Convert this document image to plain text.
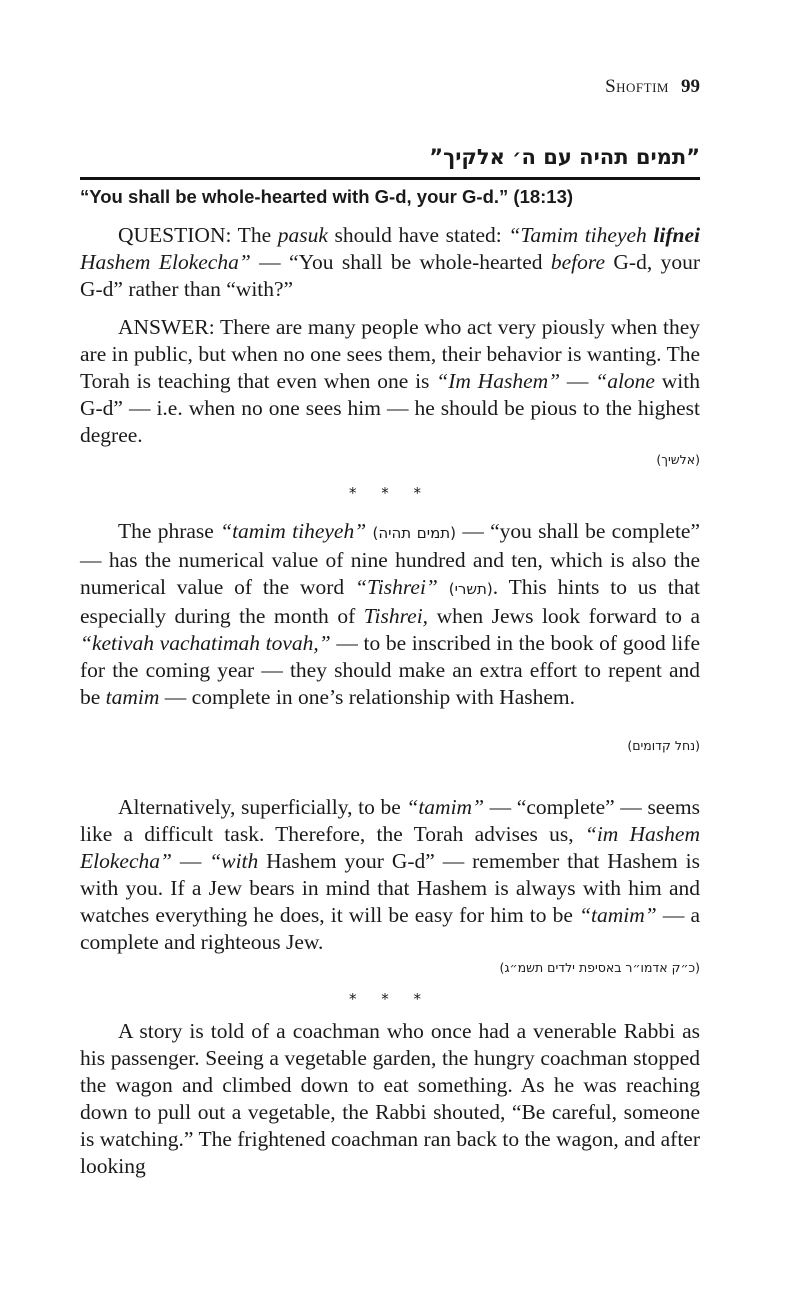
Shoftim 99
”תמים תהיה עם ה׳ אלקיך”
“You shall be whole-hearted with G-d, your G-d.” (18:13)

QUESTION: The pasuk should have stated: “Tamim tiheyeh lifnei Hashem Elokecha” — “You shall be whole-hearted before G-d, your G-d” rather than “with?”

ANSWER: There are many people who act very piously when they are in public, but when no one sees them, their behavior is wanting. The Torah is teaching that even when one is “Im Hashem” — “alone with G-d” — i.e. when no one sees him — he should be pious to the highest degree.

(אלשיך)
* * *

The phrase “tamim tiheyeh” (תמים תהיה) — “you shall be complete” — has the numerical value of nine hundred and ten, which is also the numerical value of the word “Tishrei” (תשרי). This hints to us that especially during the month of Tishrei, when Jews look forward to a “ketivah vachatimah tovah,” — to be inscribed in the book of good life for the coming year — they should make an extra effort to repent and be tamim — complete in one’s relationship with Hashem.

(נחל קדומים)

Alternatively, superficially, to be “tamim” — “complete” — seems like a difficult task. Therefore, the Torah advises us, “im Hashem Elokecha” — “with Hashem your G-d” — remember that Hashem is with you. If a Jew bears in mind that Hashem is always with him and watches everything he does, it will be easy for him to be “tamim” — a complete and righteous Jew.

(כ״ק אדמו״ר באסיפת ילדים תשמ״ג)
* * *

A story is told of a coachman who once had a venerable Rabbi as his passenger. Seeing a vegetable garden, the hungry coachman stopped the wagon and climbed down to eat something. As he was reaching down to pull out a vegetable, the Rabbi shouted, “Be careful, someone is watching.” The frightened coachman ran back to the wagon, and after looking
